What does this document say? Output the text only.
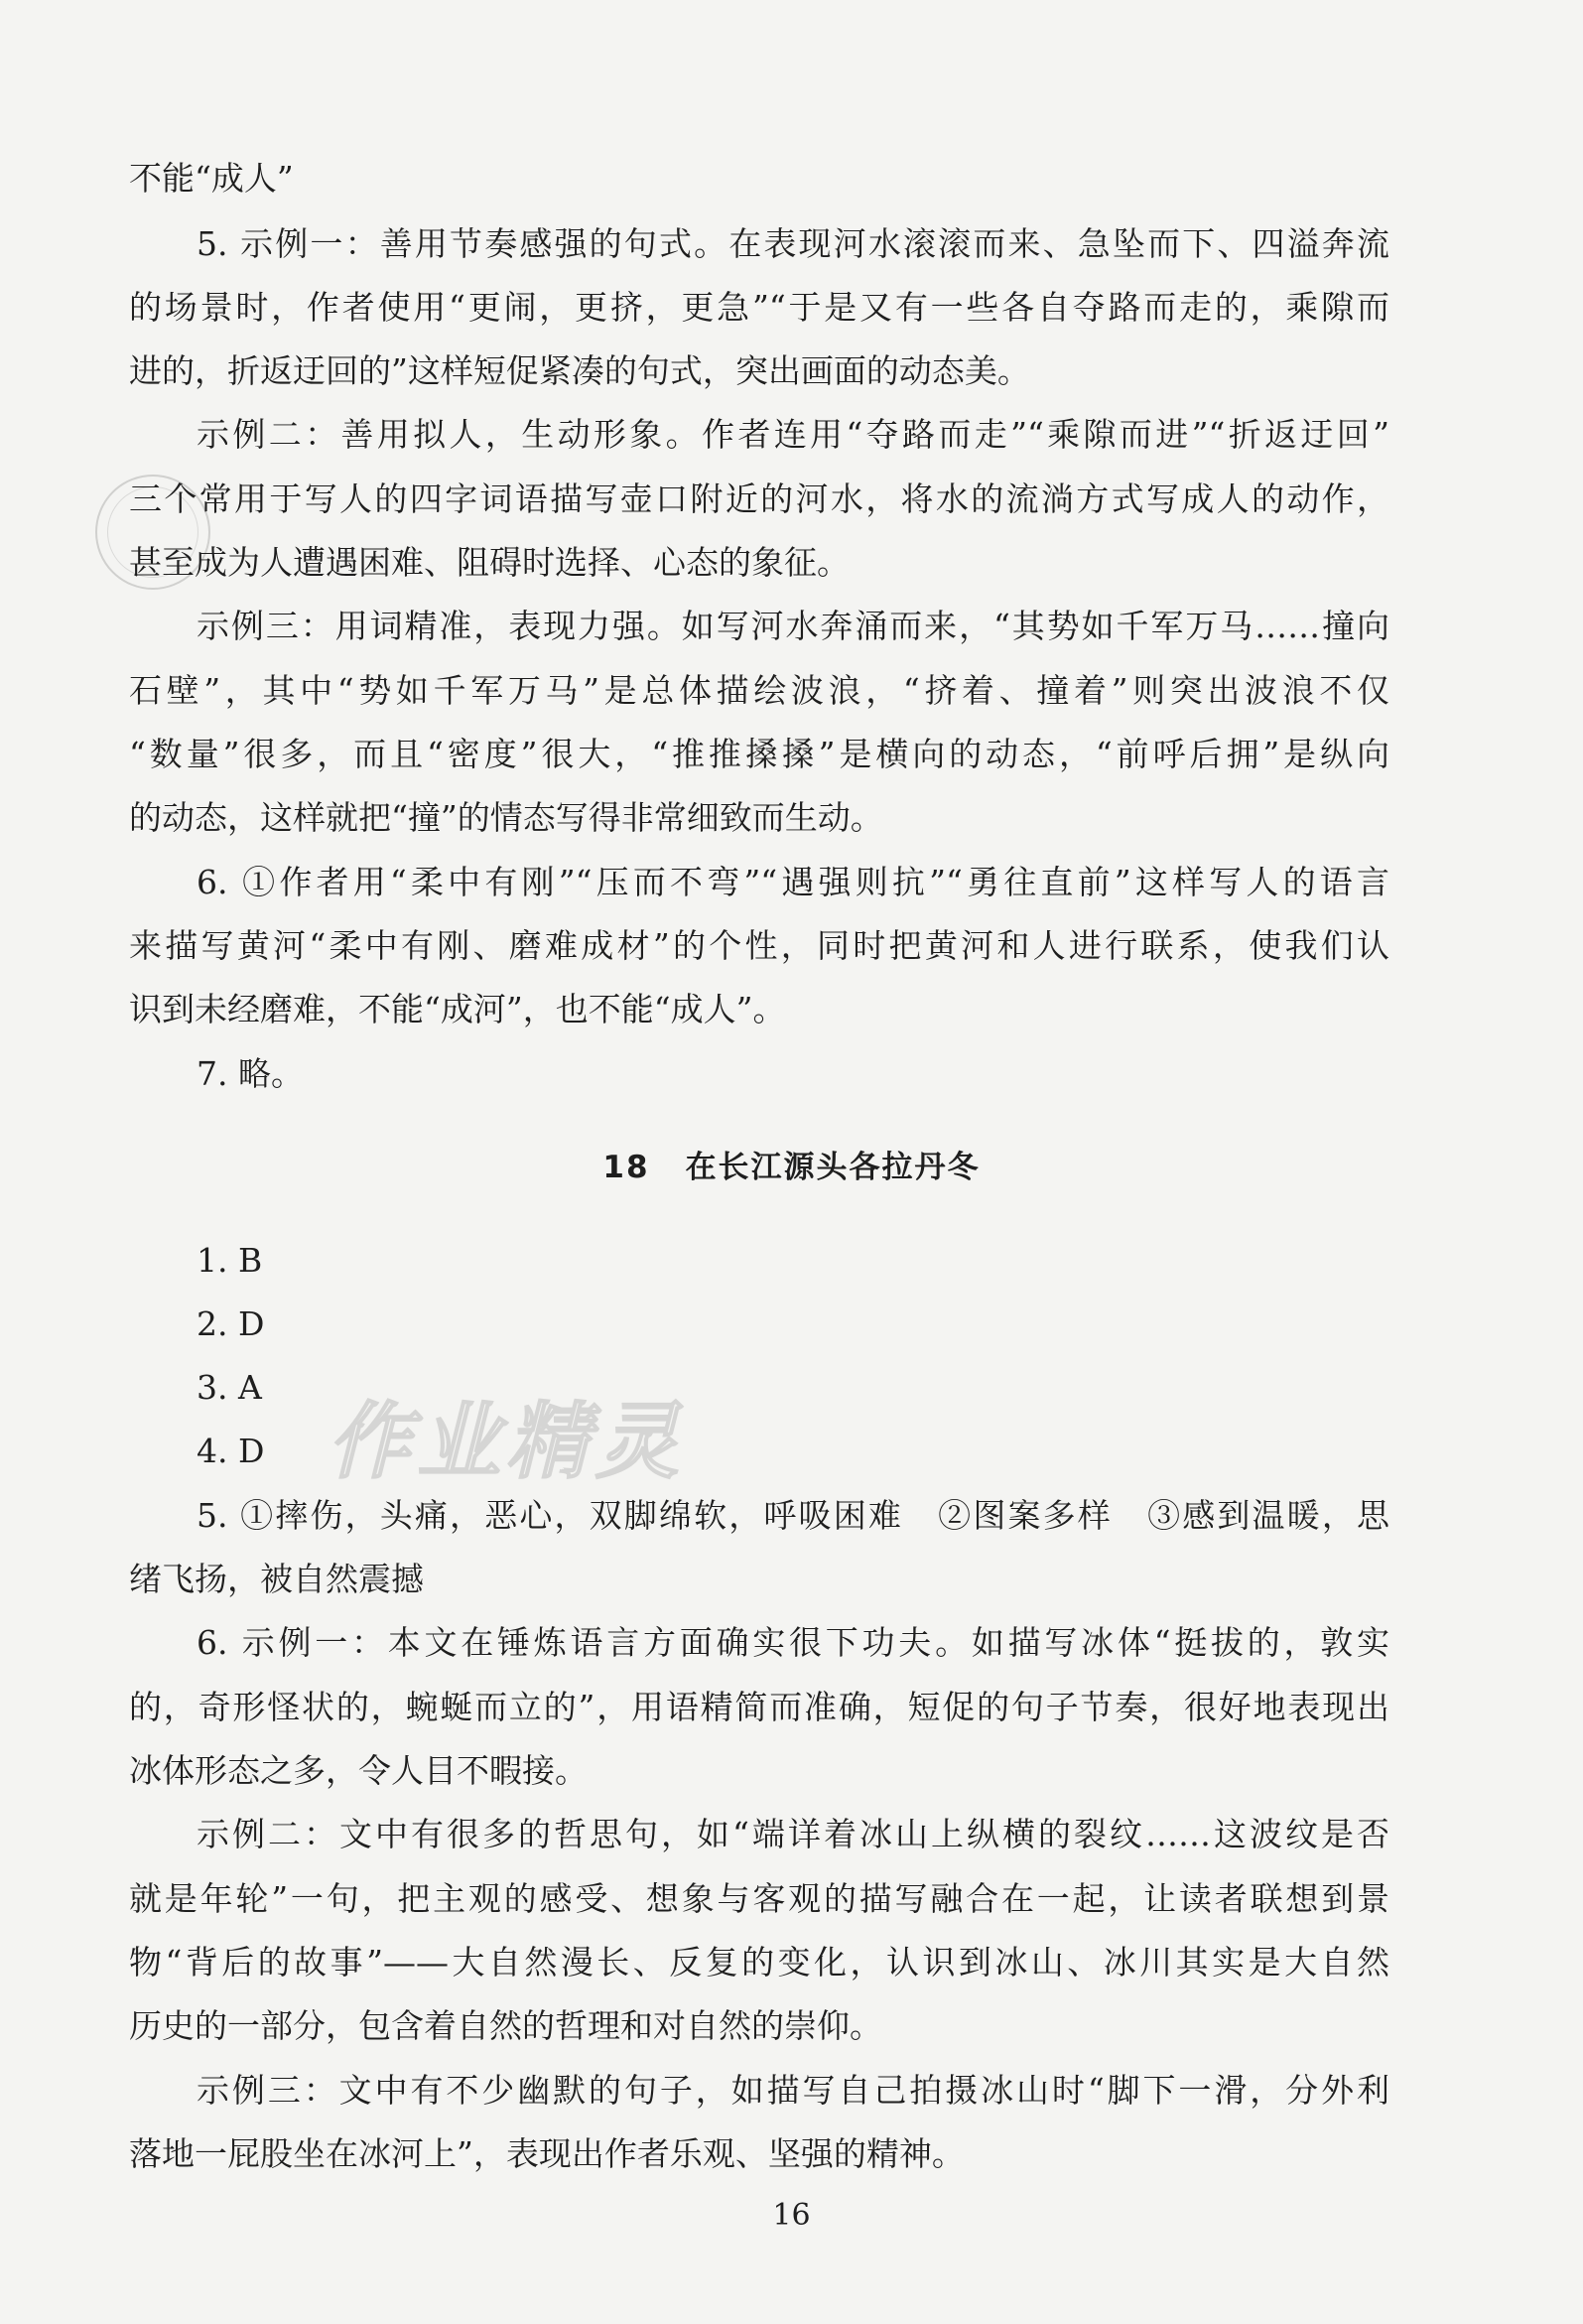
不能“成人”
5. 示例一：善用节奏感强的句式。在表现河水滚滚而来、急坠而下、四溢奔流
的场景时，作者使用“更闹，更挤，更急”“于是又有一些各自夺路而走的，乘隙而
进的，折返迂回的”这样短促紧凑的句式，突出画面的动态美。
示例二：善用拟人，生动形象。作者连用“夺路而走”“乘隙而进”“折返迂回”
三个常用于写人的四字词语描写壶口附近的河水，将水的流淌方式写成人的动作，
甚至成为人遭遇困难、阻碍时选择、心态的象征。
示例三：用词精准，表现力强。如写河水奔涌而来，“其势如千军万马……撞向
石壁”，其中“势如千军万马”是总体描绘波浪，“挤着、撞着”则突出波浪不仅
“数量”很多，而且“密度”很大，“推推搡搡”是横向的动态，“前呼后拥”是纵向
的动态，这样就把“撞”的情态写得非常细致而生动。
6. ①作者用“柔中有刚”“压而不弯”“遇强则抗”“勇往直前”这样写人的语言
来描写黄河“柔中有刚、磨难成材”的个性，同时把黄河和人进行联系，使我们认
识到未经磨难，不能“成河”，也不能“成人”。
7. 略。
18 在长江源头各拉丹冬
1. B
2. D
3. A
4. D
5. ①摔伤，头痛，恶心，双脚绵软，呼吸困难　②图案多样　③感到温暖，思
绪飞扬，被自然震撼
6. 示例一：本文在锤炼语言方面确实很下功夫。如描写冰体“挺拔的，敦实
的，奇形怪状的，蜿蜒而立的”，用语精简而准确，短促的句子节奏，很好地表现出
冰体形态之多，令人目不暇接。
示例二：文中有很多的哲思句，如“端详着冰山上纵横的裂纹……这波纹是否
就是年轮”一句，把主观的感受、想象与客观的描写融合在一起，让读者联想到景
物“背后的故事”——大自然漫长、反复的变化，认识到冰山、冰川其实是大自然
历史的一部分，包含着自然的哲理和对自然的崇仰。
示例三：文中有不少幽默的句子，如描写自己拍摄冰山时“脚下一滑，分外利
落地一屁股坐在冰河上”，表现出作者乐观、坚强的精神。
作业精灵
16
